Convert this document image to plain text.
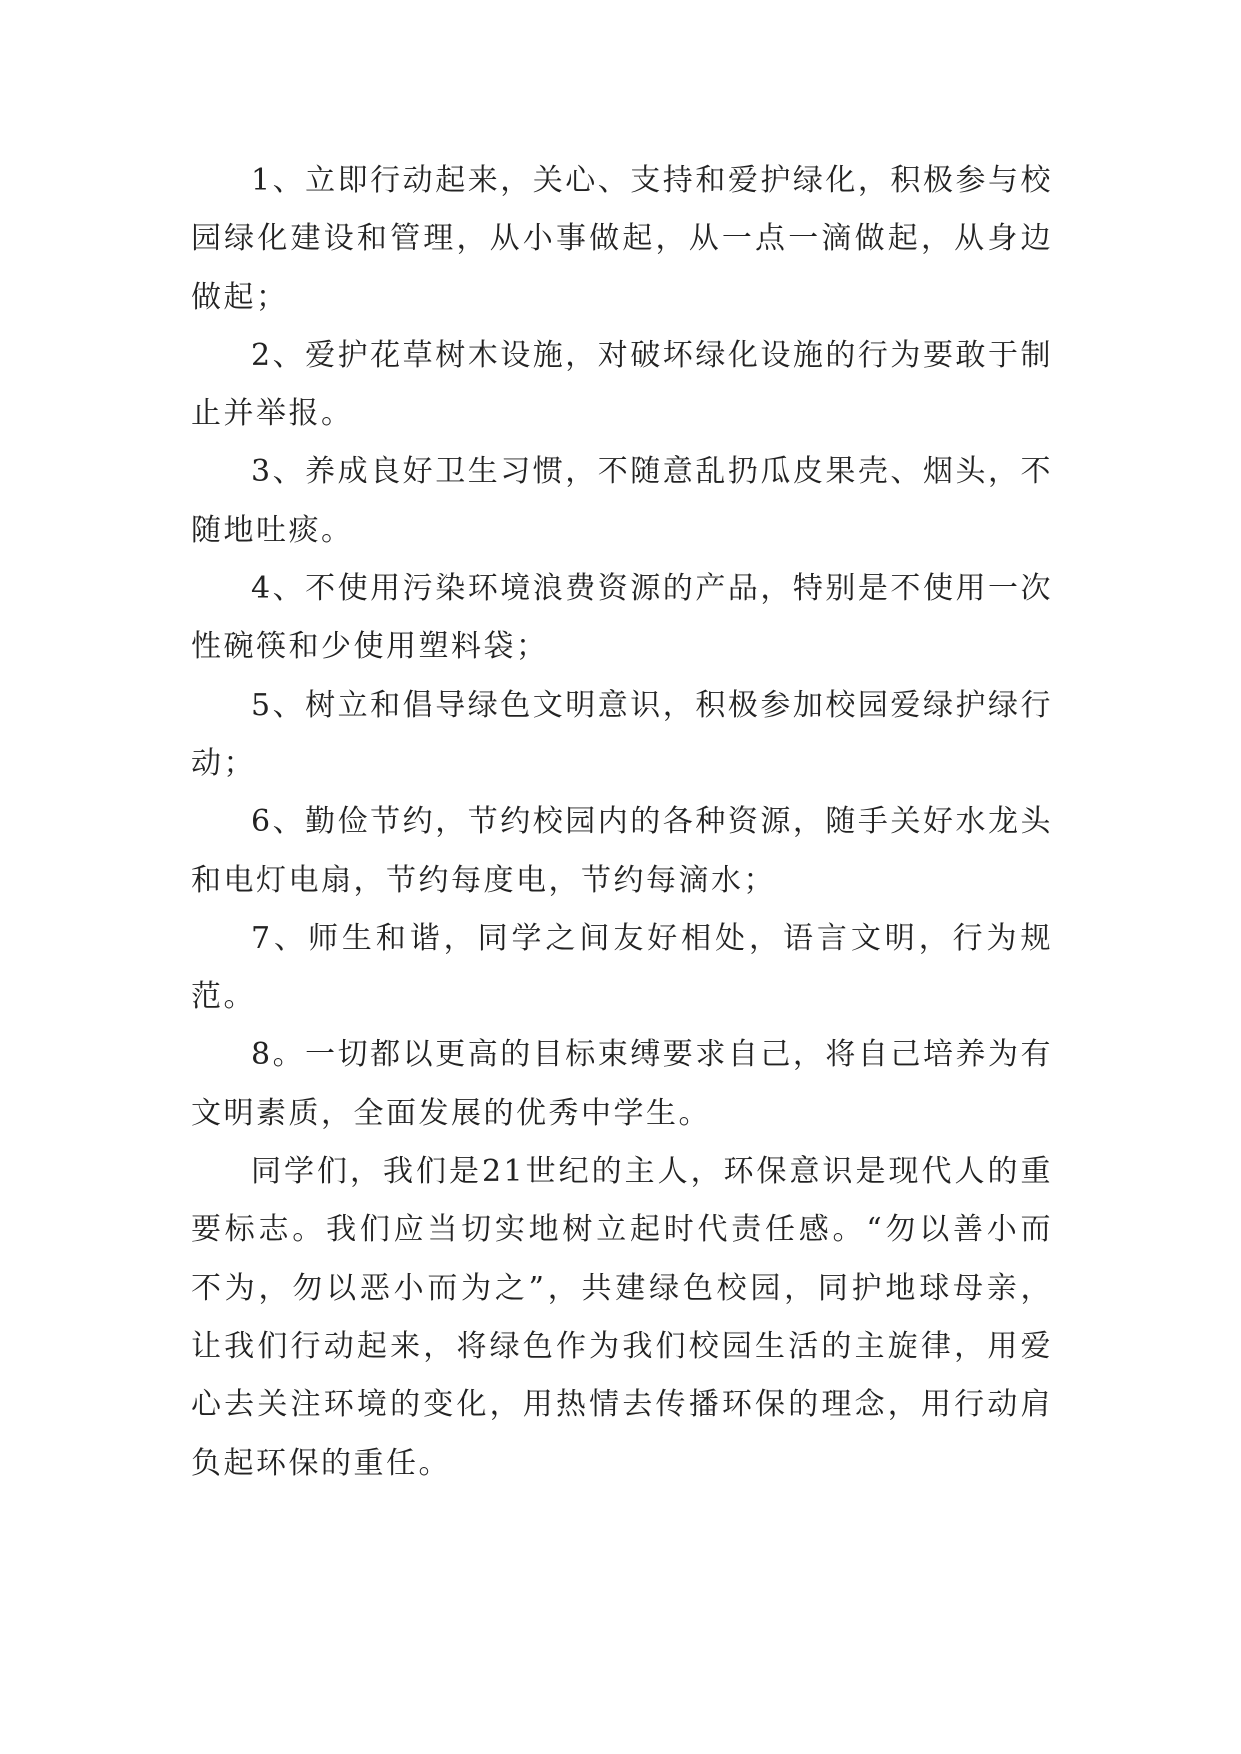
1、立即行动起来，关心、支持和爱护绿化，积极参与校园绿化建设和管理，从小事做起，从一点一滴做起，从身边做起；

2、爱护花草树木设施，对破坏绿化设施的行为要敢于制止并举报。

3、养成良好卫生习惯，不随意乱扔瓜皮果壳、烟头，不随地吐痰。

4、不使用污染环境浪费资源的产品，特别是不使用一次性碗筷和少使用塑料袋；

5、树立和倡导绿色文明意识，积极参加校园爱绿护绿行动；

6、勤俭节约，节约校园内的各种资源，随手关好水龙头和电灯电扇，节约每度电，节约每滴水；

7、师生和谐，同学之间友好相处，语言文明，行为规范。

8。一切都以更高的目标束缚要求自己，将自己培养为有文明素质，全面发展的优秀中学生。

同学们，我们是21世纪的主人，环保意识是现代人的重要标志。我们应当切实地树立起时代责任感。“勿以善小而不为，勿以恶小而为之”，共建绿色校园，同护地球母亲，让我们行动起来，将绿色作为我们校园生活的主旋律，用爱心去关注环境的变化，用热情去传播环保的理念，用行动肩负起环保的重任。
